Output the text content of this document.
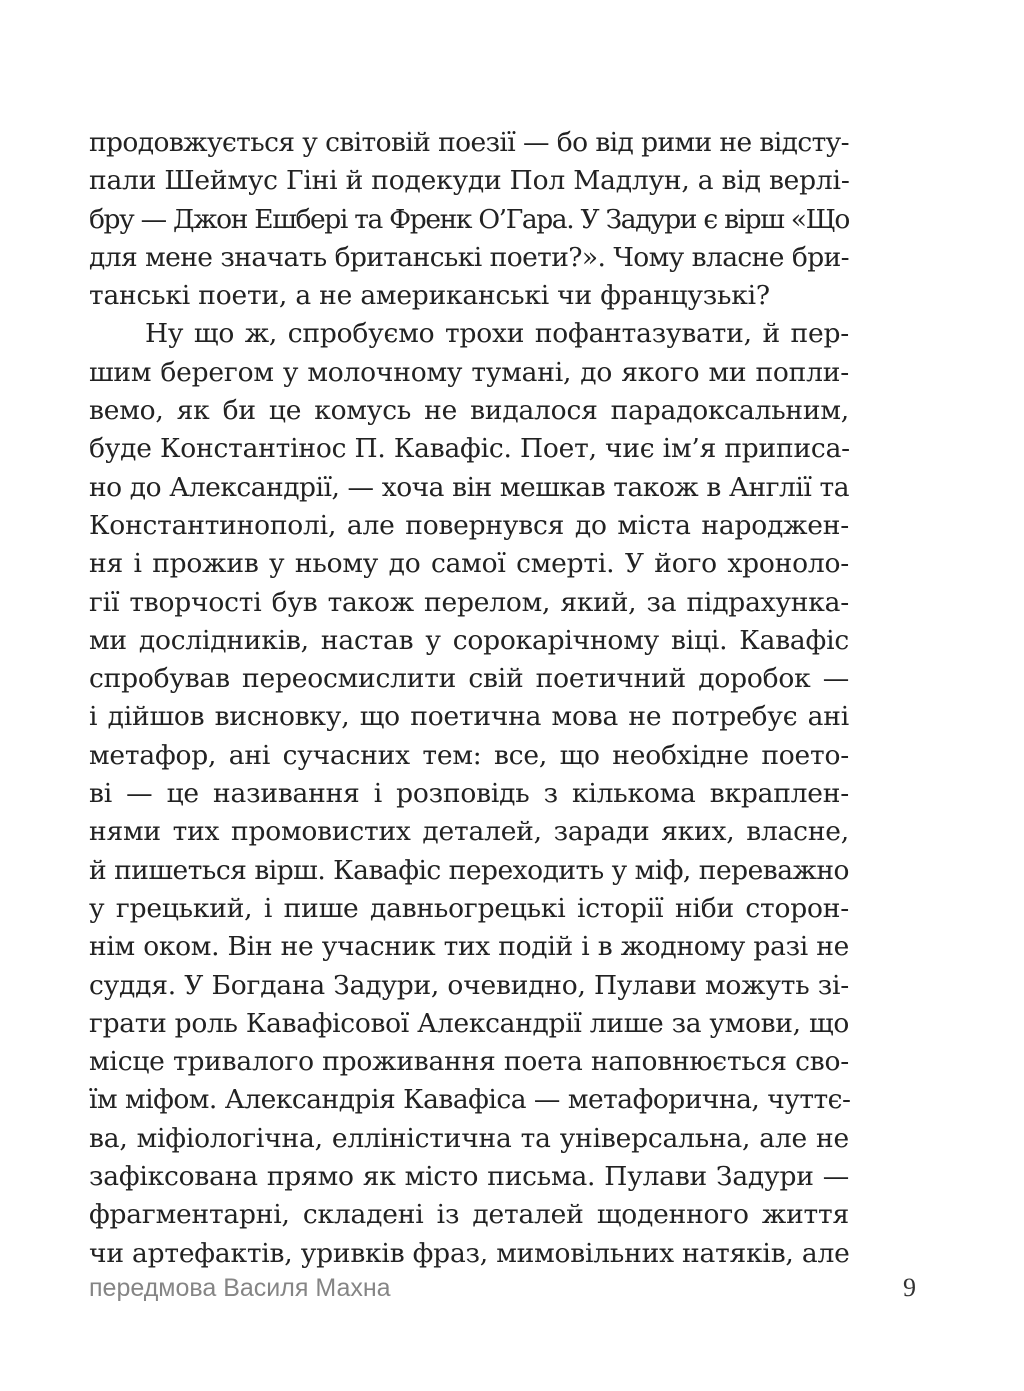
продовжується у світовій поезії — бо від рими не відсту-
пали Шеймус Гіні й подекуди Пол Мадлун, а від верлі-
бру — Джон Ешбері та Френк О’Гара. У Задури є вірш «Що
для мене значать британські поети?». Чому власне бри-
танські поети, а не американські чи французькі?
Ну що ж, спробуємо трохи пофантазувати, й пер-
шим берегом у молочному тумані, до якого ми попли-
вемо, як би це комусь не видалося парадоксальним,
буде Константінос П. Кавафіс. Поет, чиє ім’я приписа-
но до Александрії, — хоча він мешкав також в Англії та
Константинополі, але повернувся до міста народжен-
ня і прожив у ньому до самої смерті. У його хроноло-
гії творчості був також перелом, який, за підрахунка-
ми дослідників, настав у сорокарічному віці. Кавафіс
спробував переосмислити свій поетичний доробок —
і дійшов висновку, що поетична мова не потребує ані
метафор, ані сучасних тем: все, що необхідне поето-
ві — це називання і розповідь з кількома вкраплен-
нями тих промовистих деталей, заради яких, власне,
й пишеться вірш. Кавафіс переходить у міф, переважно
у грецький, і пише давньогрецькі історії ніби сторон-
нім оком. Він не учасник тих подій і в жодному разі не
суддя. У Богдана Задури, очевидно, Пулави можуть зі-
грати роль Кавафісової Александрії лише за умови, що
місце тривалого проживання поета наповнюється сво-
їм міфом. Александрія Кавафіса — метафорична, чуттє-
ва, міфіологічна, елліністична та універсальна, але не
зафіксована прямо як місто письма. Пулави Задури —
фрагментарні, складені із деталей щоденного життя
чи артефактів, уривків фраз, мимовільних натяків, але
передмова Василя Махна	9
